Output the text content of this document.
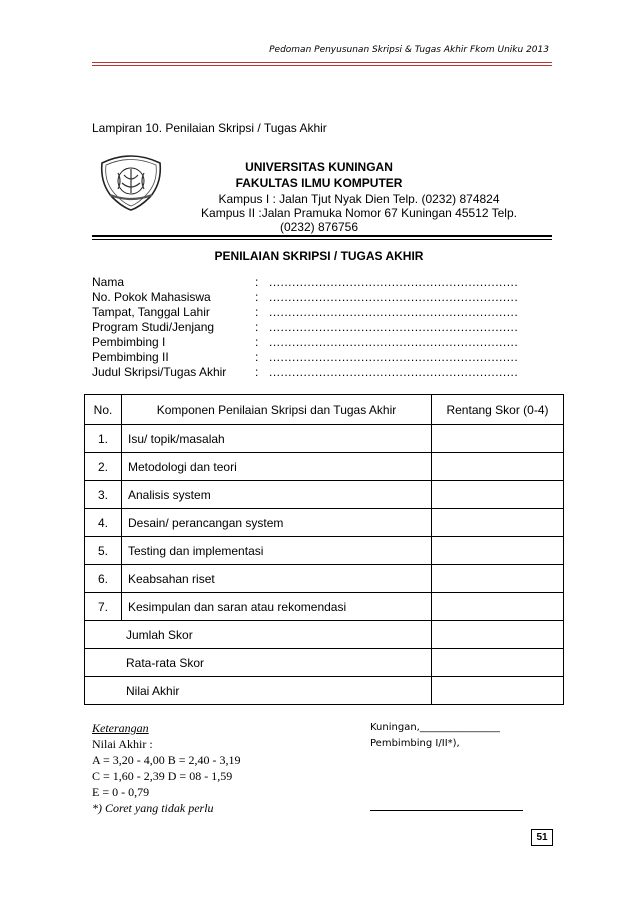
Pedoman Penyusunan Skripsi & Tugas Akhir Fkom Uniku 2013
Lampiran 10. Penilaian Skripsi / Tugas Akhir
UNIVERSITAS KUNINGAN
FAKULTAS ILMU KOMPUTER
Kampus I : Jalan Tjut Nyak Dien Telp. (0232) 874824
Kampus II :Jalan Pramuka Nomor 67 Kuningan 45512 Telp.
(0232) 876756
PENILAIAN SKRIPSI / TUGAS AKHIR
Nama	: .................................................................
No. Pokok Mahasiswa	: .................................................................
Tampat, Tanggal Lahir	: .................................................................
Program Studi/Jenjang	: .................................................................
Pembimbing I	: .................................................................
Pembimbing II	: .................................................................
Judul Skripsi/Tugas Akhir : .................................................................
No.	Komponen Penilaian Skripsi dan Tugas Akhir	Rentang Skor (0-4)
1.	Isu/ topik/masalah	
2.	Metodologi dan teori	
3.	Analisis system	
4.	Desain/ perancangan system	
5.	Testing dan implementasi	
6.	Keabsahan riset	
7.	Kesimpulan dan saran atau rekomendasi	
Jumlah Skor		
Rata-rata Skor		
Nilai Akhir		
Keterangan
Nilai Akhir :
A = 3,20 - 4,00 B = 2,40 - 3,19
C = 1,60 - 2,39 D = 08 - 1,59
E = 0 - 0,79
*) Coret yang tidak perlu
Kuningan,________________
Pembimbing I/II*),
51
